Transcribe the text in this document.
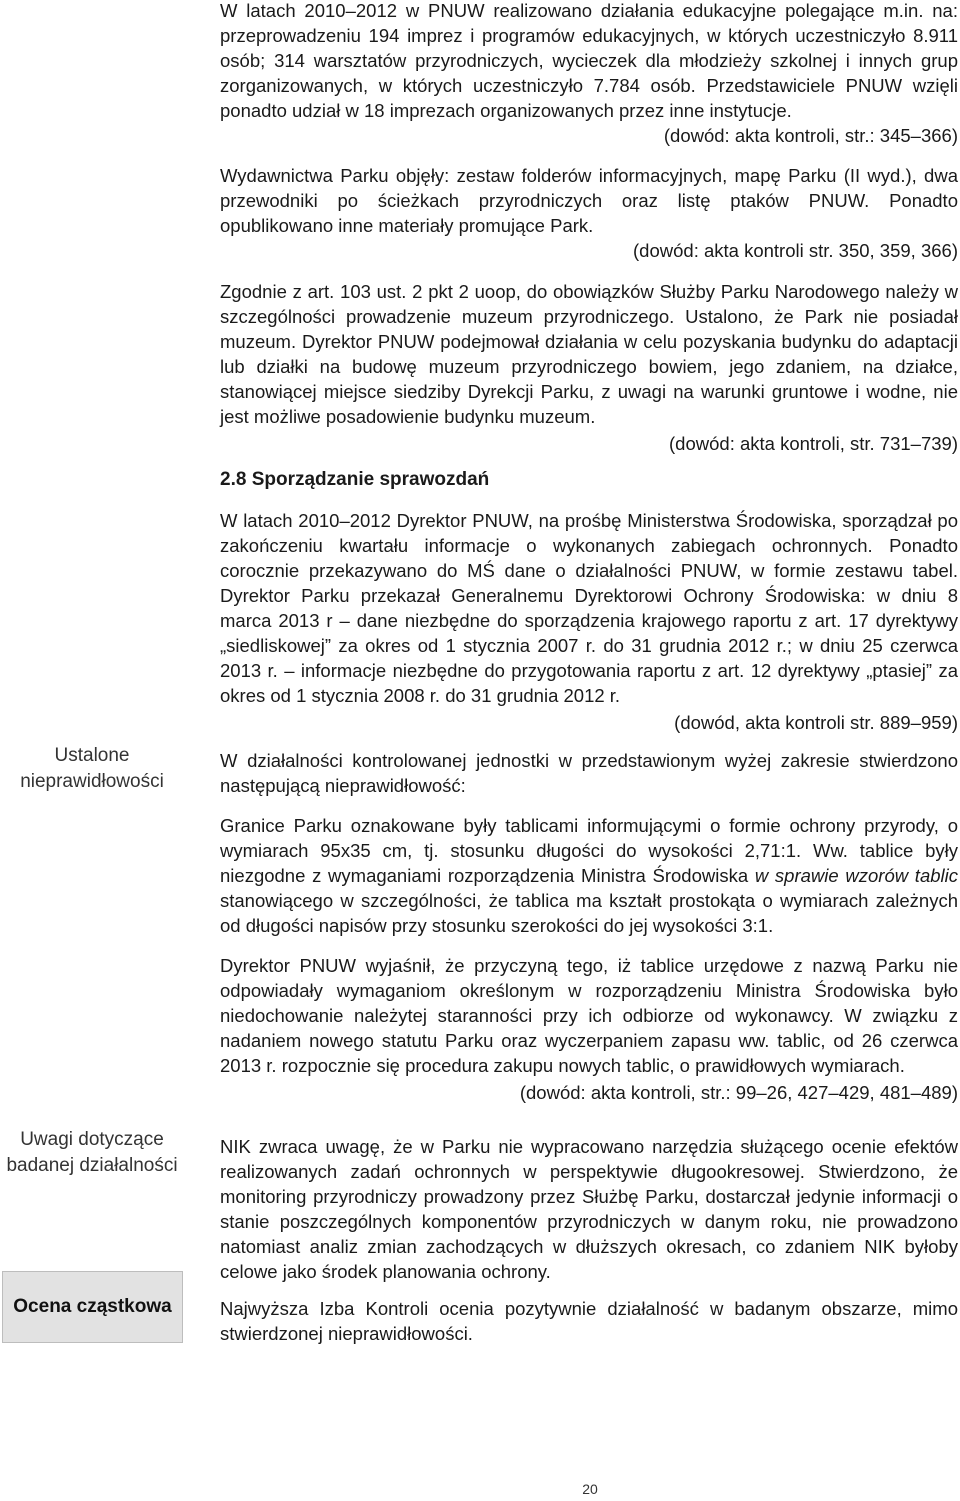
Ustalone nieprawidłowości
Uwagi dotyczące badanej działalności
Ocena cząstkowa

W latach 2010–2012 w PNUW realizowano działania edukacyjne polegające m.in. na: przeprowadzeniu 194 imprez i programów edukacyjnych, w których uczestniczyło 8.911 osób; 314 warsztatów przyrodniczych, wycieczek dla młodzieży szkolnej i innych grup zorganizowanych, w których uczestniczyło 7.784 osób. Przedstawiciele PNUW wzięli ponadto udział w 18 imprezach organizowanych przez inne instytucje.

(dowód: akta kontroli, str.: 345–366)

Wydawnictwa Parku objęły: zestaw folderów informacyjnych, mapę Parku (II wyd.), dwa przewodniki po ścieżkach przyrodniczych oraz listę ptaków PNUW. Ponadto opublikowano inne materiały promujące Park.

(dowód: akta kontroli str. 350, 359, 366)

Zgodnie z art. 103 ust. 2 pkt 2 uoop, do obowiązków Służby Parku Narodowego należy w szczególności prowadzenie muzeum przyrodniczego. Ustalono, że Park nie posiadał muzeum. Dyrektor PNUW podejmował działania w celu pozyskania budynku do adaptacji lub działki na budowę muzeum przyrodniczego bowiem, jego zdaniem, na działce, stanowiącej miejsce siedziby Dyrekcji Parku, z uwagi na warunki gruntowe i wodne, nie jest możliwe posadowienie budynku muzeum.

(dowód: akta kontroli, str. 731–739)
2.8 Sporządzanie sprawozdań

W latach 2010–2012 Dyrektor PNUW, na prośbę Ministerstwa Środowiska, sporządzał po zakończeniu kwartału informacje o wykonanych zabiegach ochronnych. Ponadto corocznie przekazywano do MŚ dane o działalności PNUW, w formie zestawu tabel. Dyrektor Parku przekazał Generalnemu Dyrektorowi Ochrony Środowiska: w dniu 8 marca 2013 r – dane niezbędne do sporządzenia krajowego raportu z art. 17 dyrektywy „siedliskowej” za okres od 1 stycznia 2007 r. do 31 grudnia 2012 r.; w dniu 25 czerwca 2013 r. – informacje niezbędne do przygotowania raportu z art. 12 dyrektywy „ptasiej” za okres od 1 stycznia 2008 r. do 31 grudnia 2012 r.

(dowód, akta kontroli str. 889–959)

W działalności kontrolowanej jednostki w przedstawionym wyżej zakresie stwierdzono następującą nieprawidłowość:

Granice Parku oznakowane były tablicami informującymi o formie ochrony przyrody, o wymiarach 95x35 cm, tj. stosunku długości do wysokości 2,71:1. Ww. tablice były niezgodne z wymaganiami rozporządzenia Ministra Środowiska w sprawie wzorów tablic stanowiącego w szczególności, że tablica ma kształt prostokąta o wymiarach zależnych od długości napisów przy stosunku szerokości do jej wysokości 3:1.

Dyrektor PNUW wyjaśnił, że przyczyną tego, iż tablice urzędowe z nazwą Parku nie odpowiadały wymaganiom określonym w rozporządzeniu Ministra Środowiska było niedochowanie należytej staranności przy ich odbiorze od wykonawcy. W związku z nadaniem nowego statutu Parku oraz wyczerpaniem zapasu ww. tablic, od 26 czerwca 2013 r. rozpocznie się procedura zakupu nowych tablic, o prawidłowych wymiarach.

(dowód: akta kontroli, str.: 99–26, 427–429, 481–489)

NIK zwraca uwagę, że w Parku nie wypracowano narzędzia służącego ocenie efektów realizowanych zadań ochronnych w perspektywie długookresowej. Stwierdzono, że monitoring przyrodniczy prowadzony przez Służbę Parku, dostarczał jedynie informacji o stanie poszczególnych komponentów przyrodniczych w danym roku, nie prowadzono natomiast analiz zmian zachodzących w dłuższych okresach, co zdaniem NIK byłoby celowe jako środek planowania ochrony.

Najwyższa Izba Kontroli ocenia pozytywnie działalność w badanym obszarze, mimo stwierdzonej nieprawidłowości.

20
